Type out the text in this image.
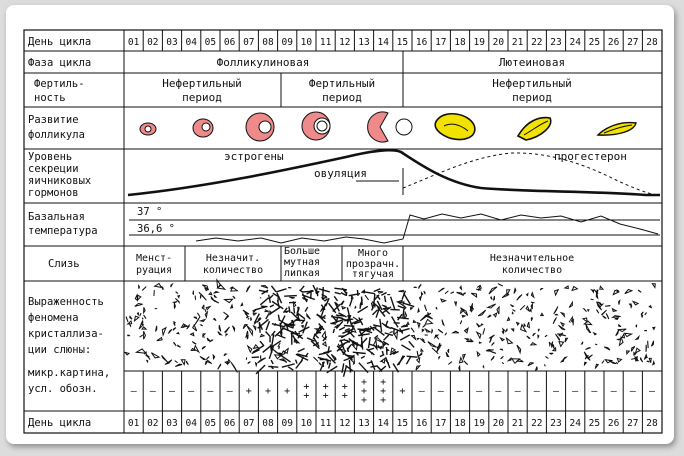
01 02 03 04 05 06 07 08 09 10 11 12 13 14 15 16 17 18 19 20 21 22 23 24 25 26 27 28
01 02 03 04 05 06 07 08 09 10 11 12 13 14 15 16 17 18 19 20 21 22 23 24 25 26 27 28
День цикла
Фаза цикла
Фертиль-
ность
Развитие
фолликула
Уровень
секреции
яичниковых
гормонов
Базальная
температура
Слизь
Выраженность
феномена
кристаллиза-
ции слюны:
микр.картина,
усл. обозн.
День цикла
Фолликулиновая	Лютеиновая
Нефертильный
период
Фертильный
период
Нефертильный
период
эстрогены
овуляция
прогестерон
37 °
36,6 °
Менст-
руация
Незначит.
количество
Больше
мутная
липкая
Много
прозрачн.
тягучая
Незначительное
количество
– – – – – – + + + +
+
+
+
+
+
+
+
+
+
+
+
+ – – – – – – – – – – – – –
